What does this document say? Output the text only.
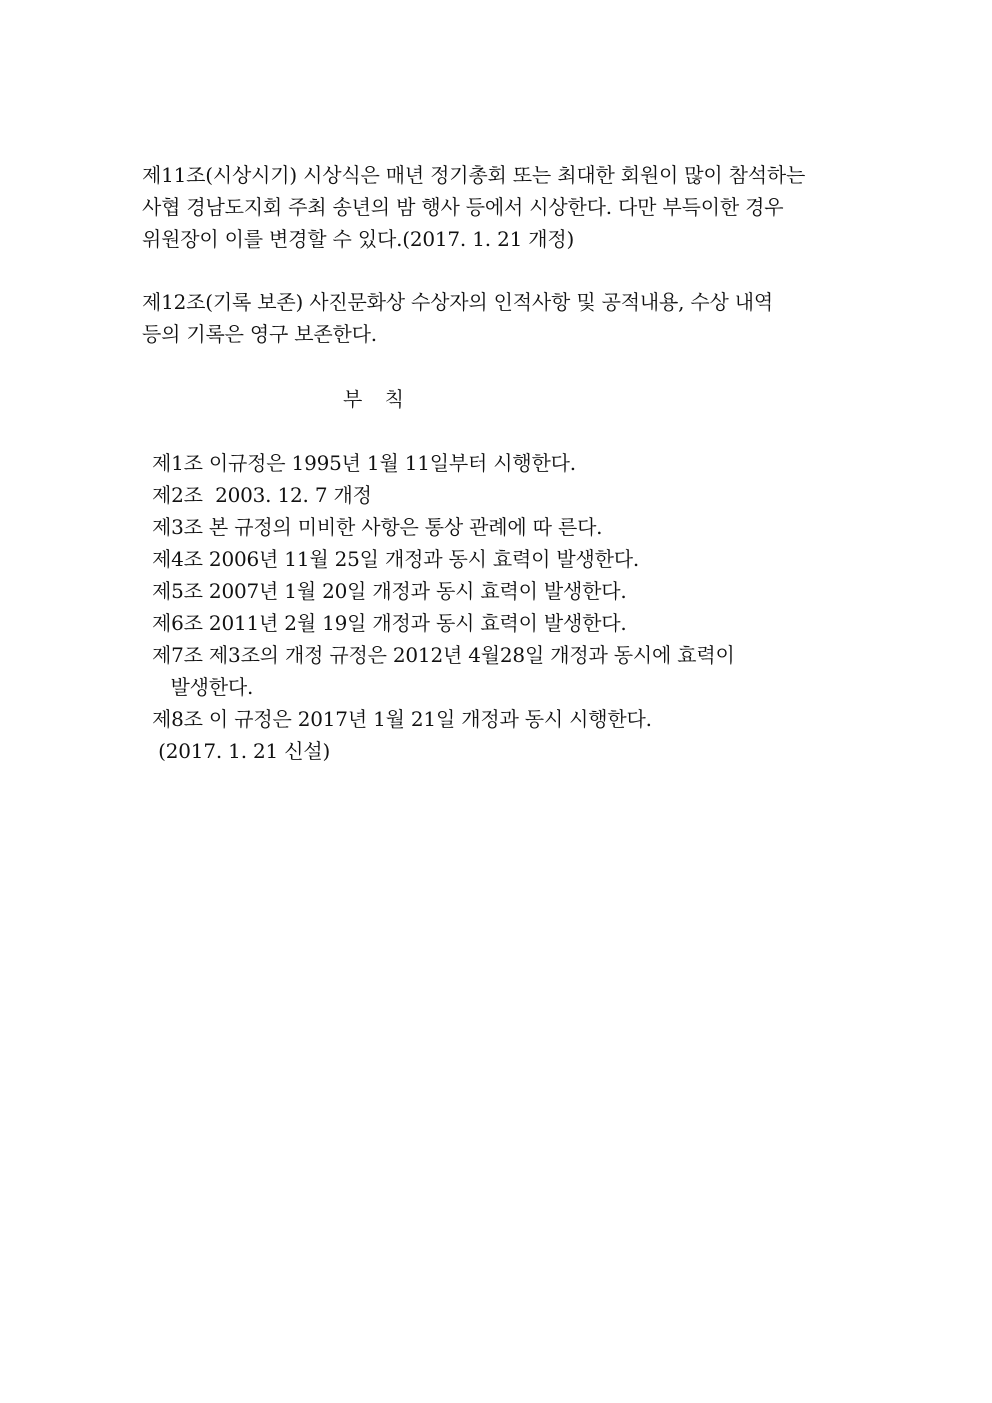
제11조(시상시기) 시상식은 매년 정기총회 또는 최대한 회원이 많이 참석하는
사협 경남도지회 주최 송년의 밤 행사 등에서 시상한다. 다만 부득이한 경우
위원장이 이를 변경할 수 있다.(2017. 1. 21 개정)
제12조(기록 보존) 사진문화상 수상자의 인적사항 및 공적내용, 수상 내역
등의 기록은 영구 보존한다.
부 칙
제1조 이규정은 1995년 1월 11일부터 시행한다.
제2조  2003. 12. 7 개정
제3조 본 규정의 미비한 사항은 통상 관례에 따 른다.
제4조 2006년 11월 25일 개정과 동시 효력이 발생한다.
제5조 2007년 1월 20일 개정과 동시 효력이 발생한다.
제6조 2011년 2월 19일 개정과 동시 효력이 발생한다.
제7조 제3조의 개정 규정은 2012년 4월28일 개정과 동시에 효력이
발생한다.
제8조 이 규정은 2017년 1월 21일 개정과 동시 시행한다.
(2017. 1. 21 신설)
